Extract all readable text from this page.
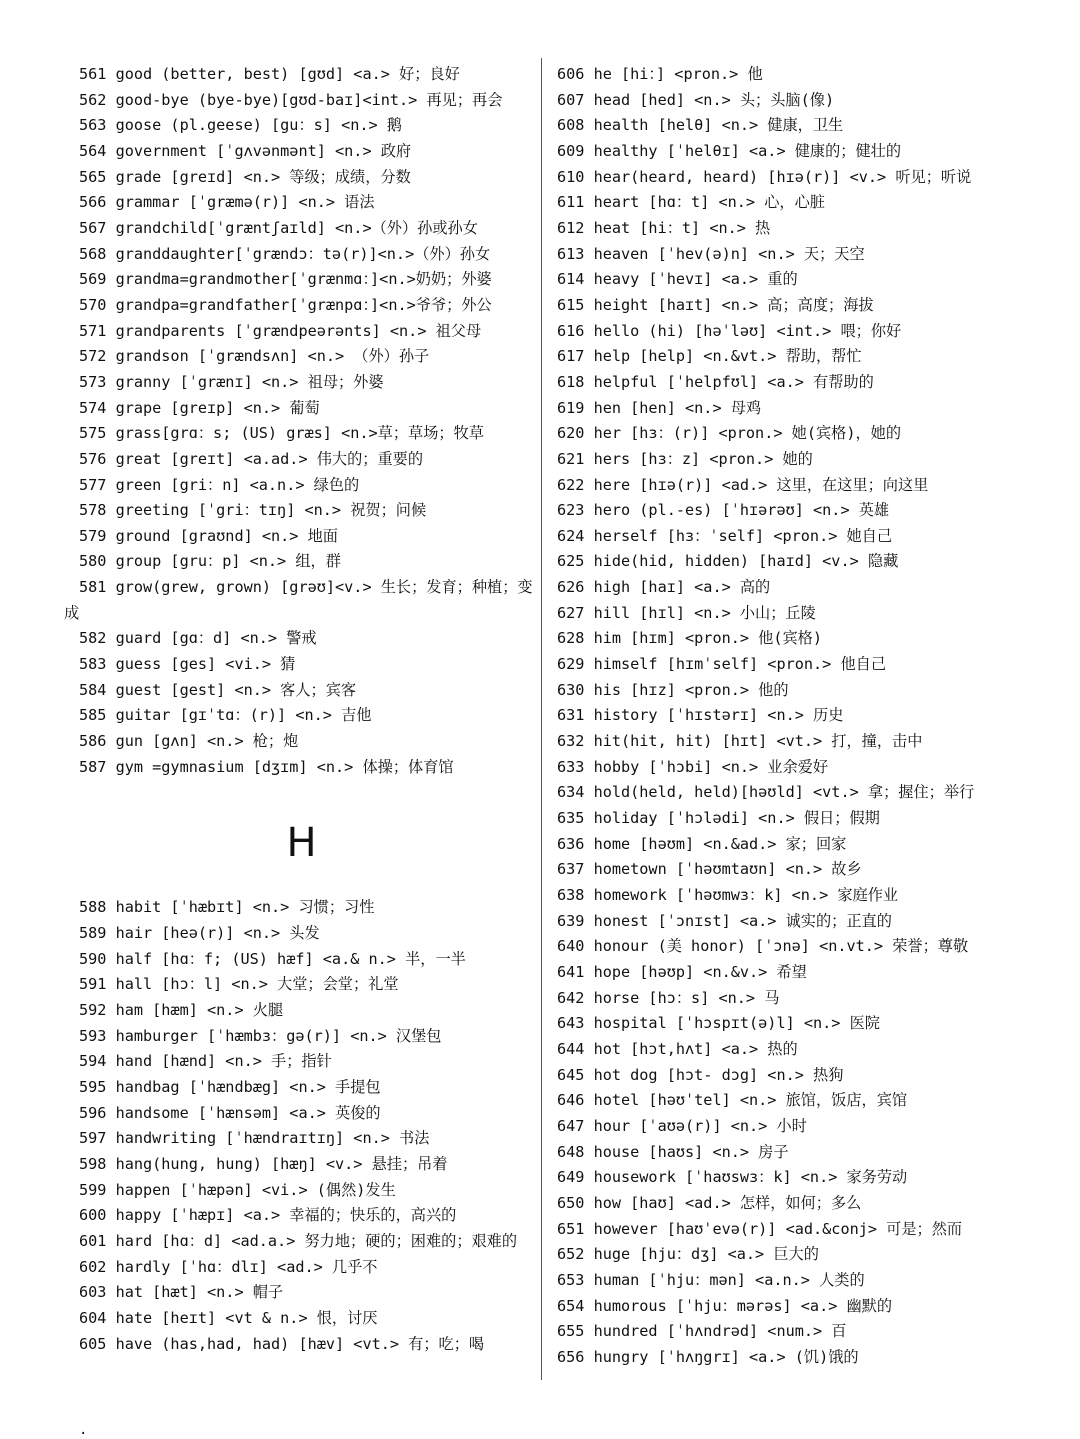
561 good (better, best) [gʊd] <a.> 好；良好
562 good-bye (bye-bye)[gʊd-baɪ]<int.> 再见；再会
563 goose (pl.geese) [gu：s] <n.> 鹅
564 government [ˈgʌvənmənt] <n.> 政府
565 grade [greɪd] <n.> 等级；成绩，分数
566 grammar [ˈgræmə(r)] <n.> 语法
567 grandchild[ˈgræntʃaɪld] <n.>（外）孙或孙女
568 granddaughter[ˈgrændɔ：tə(r)]<n.>（外）孙女
569 grandma=grandmother[ˈgrænmɑ：]<n.>奶奶；外婆
570 grandpa=grandfather[ˈgrænpɑ：]<n.>爷爷；外公
571 grandparents [ˈgrændpeərənts] <n.> 祖父母
572 grandson [ˈgrændsʌn] <n.> （外）孙子
573 granny [ˈgrænɪ] <n.> 祖母；外婆
574 grape [greɪp] <n.> 葡萄
575 grass[grɑ：s; (US) græs] <n.>草；草场；牧草
576 great [greɪt] <a.ad.> 伟大的；重要的
577 green [gri：n] <a.n.> 绿色的
578 greeting [ˈgri：tɪŋ] <n.> 祝贺；问候
579 ground [graʊnd] <n.> 地面
580 group [gru：p] <n.> 组，群
581 grow(grew, grown) [grəʊ]<v.> 生长；发育；种植；变成
582 guard [gɑ：d] <n.> 警戒
583 guess [ges] <vi.> 猜
584 guest [gest] <n.> 客人；宾客
585 guitar [gɪˈtɑ：(r)] <n.> 吉他
586 gun [gʌn] <n.> 枪；炮
587 gym =gymnasium [dʒɪm] <n.> 体操；体育馆
H
588 habit [ˈhæbɪt] <n.> 习惯；习性
589 hair [heə(r)] <n.> 头发
590 half [hɑ：f; (US) hæf] <a.& n.> 半，一半
591 hall [hɔ：l] <n.> 大堂；会堂；礼堂
592 ham [hæm] <n.> 火腿
593 hamburger [ˈhæmbɜ：gə(r)] <n.> 汉堡包
594 hand [hænd] <n.> 手；指针
595 handbag [ˈhændbæg] <n.> 手提包
596 handsome [ˈhænsəm] <a.> 英俊的
597 handwriting [ˈhændraɪtɪŋ] <n.> 书法
598 hang(hung, hung) [hæŋ] <v.> 悬挂；吊着
599 happen [ˈhæpən] <vi.> (偶然)发生
600 happy [ˈhæpɪ] <a.> 幸福的；快乐的，高兴的
601 hard [hɑ：d] <ad.a.> 努力地；硬的；困难的；艰难的
602 hardly [ˈhɑ：dlɪ] <ad.> 几乎不
603 hat [hæt] <n.> 帽子
604 hate [heɪt] <vt & n.> 恨，讨厌
605 have (has,had, had) [hæv] <vt.> 有；吃；喝
606 he [hi：] <pron.> 他
607 head [hed] <n.> 头；头脑(像)
608 health [helθ] <n.> 健康，卫生
609 healthy [ˈhelθɪ] <a.> 健康的；健壮的
610 hear(heard, heard) [hɪə(r)] <v.> 听见；听说
611 heart [hɑ：t] <n.> 心，心脏
612 heat [hi：t] <n.> 热
613 heaven [ˈhev(ə)n] <n.> 天；天空
614 heavy [ˈhevɪ] <a.> 重的
615 height [haɪt] <n.> 高；高度；海拔
616 hello (hi) [həˈləʊ] <int.> 喂；你好
617 help [help] <n.&vt.> 帮助，帮忙
618 helpful [ˈhelpfʊl] <a.> 有帮助的
619 hen [hen] <n.> 母鸡
620 her [hɜ：(r)] <pron.> 她(宾格)，她的
621 hers [hɜ：z] <pron.> 她的
622 here [hɪə(r)] <ad.> 这里，在这里；向这里
623 hero (pl.-es) [ˈhɪərəʊ] <n.> 英雄
624 herself [hɜ：ˈself] <pron.> 她自己
625 hide(hid, hidden) [haɪd] <v.> 隐藏
626 high [haɪ] <a.> 高的
627 hill [hɪl] <n.> 小山；丘陵
628 him [hɪm] <pron.> 他(宾格)
629 himself [hɪmˈself] <pron.> 他自己
630 his [hɪz] <pron.> 他的
631 history [ˈhɪstərɪ] <n.> 历史
632 hit(hit, hit) [hɪt] <vt.> 打，撞，击中
633 hobby [ˈhɔbi] <n.> 业余爱好
634 hold(held, held)[həʊld] <vt.> 拿；握住；举行
635 holiday [ˈhɔlədi] <n.> 假日；假期
636 home [həʊm] <n.&ad.> 家；回家
637 hometown [ˈhəʊmtaʊn] <n.> 故乡
638 homework [ˈhəʊmwɜ：k] <n.> 家庭作业
639 honest [ˈɔnɪst] <a.> 诚实的；正直的
640 honour (美 honor) [ˈɔnə] <n.vt.> 荣誉；尊敬
641 hope [həʊp] <n.&v.> 希望
642 horse [hɔ：s] <n.> 马
643 hospital [ˈhɔspɪt(ə)l] <n.> 医院
644 hot [hɔt,hʌt] <a.> 热的
645 hot dog [hɔt- dɔg] <n.> 热狗
646 hotel [həʊˈtel] <n.> 旅馆，饭店，宾馆
647 hour [ˈaʊə(r)] <n.> 小时
648 house [haʊs] <n.> 房子
649 housework [ˈhaʊswɜ：k] <n.> 家务劳动
650 how [haʊ] <ad.> 怎样，如何；多么
651 however [haʊˈevə(r)] <ad.&conj> 可是；然而
652 huge [hju：dʒ] <a.> 巨大的
653 human [ˈhju：mən] <a.n.> 人类的
654 humorous [ˈhju：mərəs] <a.> 幽默的
655 hundred [ˈhʌndrəd] <num.> 百
656 hungry [ˈhʌŋgrɪ] <a.> (饥)饿的
.
